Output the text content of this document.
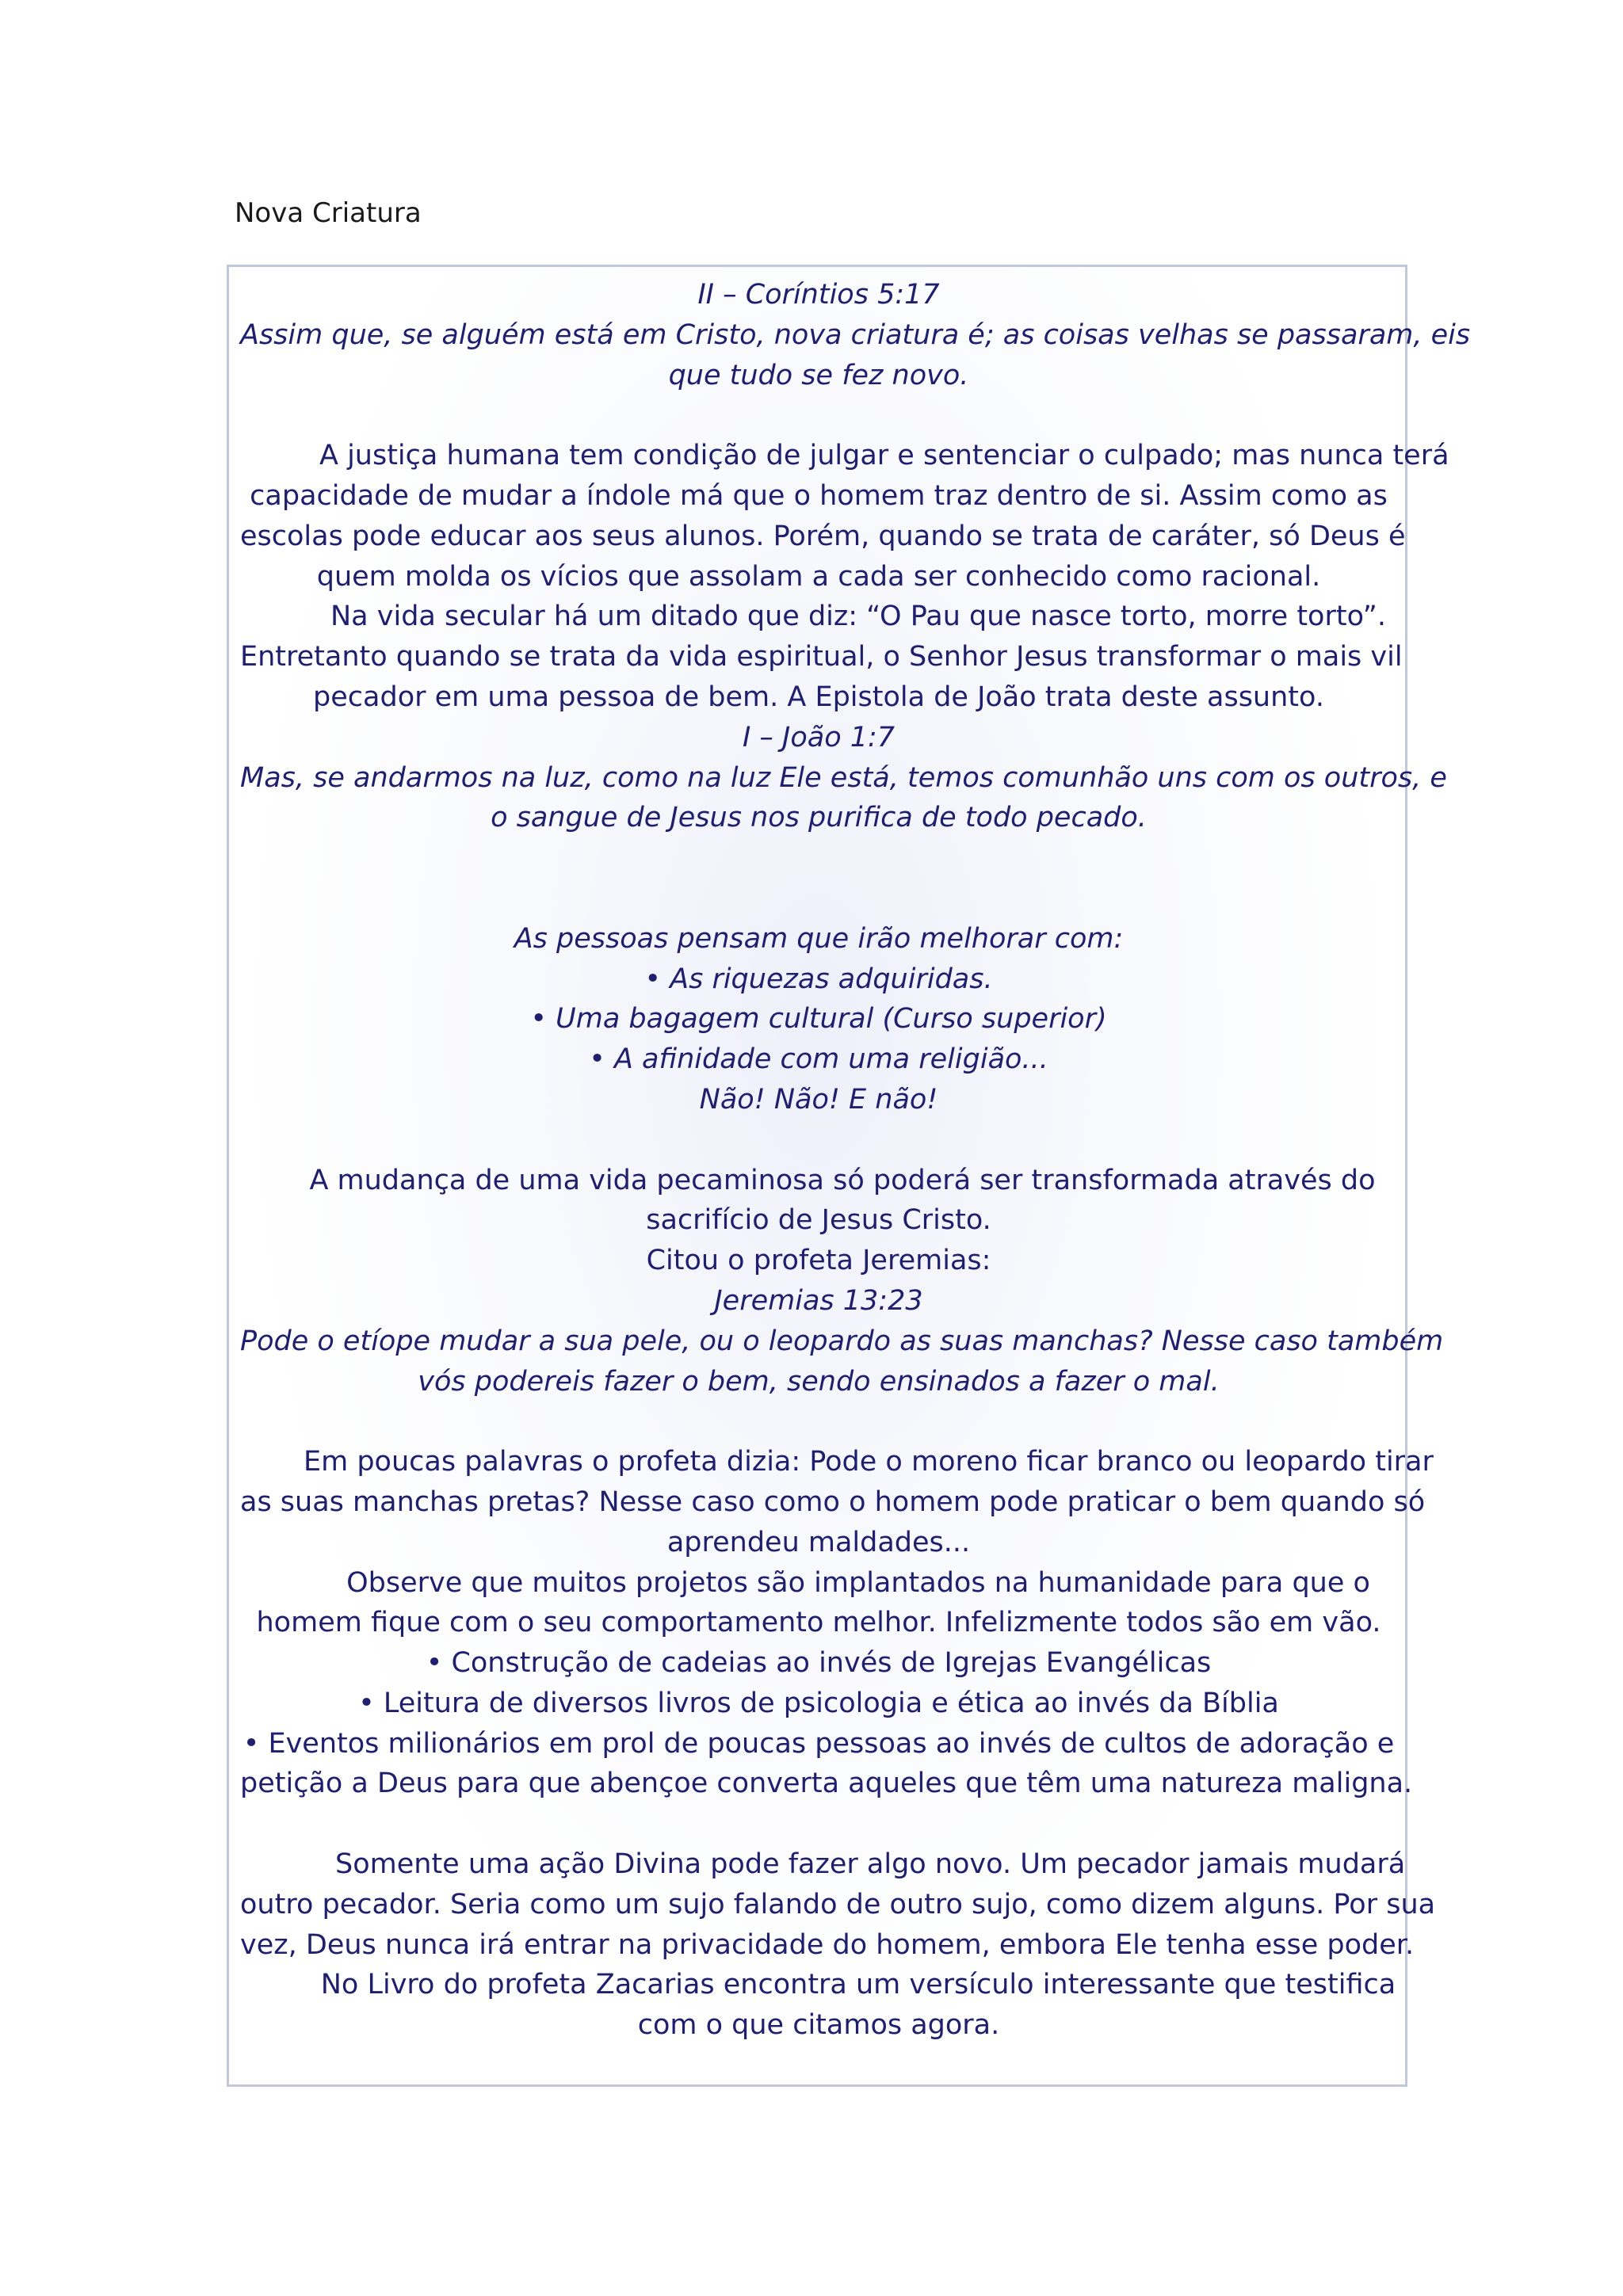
Nova Criatura
II – Coríntios 5:17
Assim que, se alguém está em Cristo, nova criatura é; as coisas velhas se passaram, eis
que tudo se fez novo.
A justiça humana tem condição de julgar e sentenciar o culpado; mas nunca terá
capacidade de mudar a índole má que o homem traz dentro de si. Assim como as
escolas pode educar aos seus alunos. Porém, quando se trata de caráter, só Deus é
quem molda os vícios que assolam a cada ser conhecido como racional.
Na vida secular há um ditado que diz: “O Pau que nasce torto, morre torto”.
Entretanto quando se trata da vida espiritual, o Senhor Jesus transformar o mais vil
pecador em uma pessoa de bem. A Epistola de João trata deste assunto.
I – João 1:7
Mas, se andarmos na luz, como na luz Ele está, temos comunhão uns com os outros, e
o sangue de Jesus nos purifica de todo pecado.
As pessoas pensam que irão melhorar com:
• As riquezas adquiridas.
• Uma bagagem cultural (Curso superior)
• A afinidade com uma religião...
Não! Não! E não!
A mudança de uma vida pecaminosa só poderá ser transformada através do
sacrifício de Jesus Cristo.
Citou o profeta Jeremias:
Jeremias 13:23
Pode o etíope mudar a sua pele, ou o leopardo as suas manchas? Nesse caso também
vós podereis fazer o bem, sendo ensinados a fazer o mal.
Em poucas palavras o profeta dizia: Pode o moreno ficar branco ou leopardo tirar
as suas manchas pretas? Nesse caso como o homem pode praticar o bem quando só
aprendeu maldades...
Observe que muitos projetos são implantados na humanidade para que o
homem fique com o seu comportamento melhor. Infelizmente todos são em vão.
• Construção de cadeias ao invés de Igrejas Evangélicas
• Leitura de diversos livros de psicologia e ética ao invés da Bíblia
• Eventos milionários em prol de poucas pessoas ao invés de cultos de adoração e
petição a Deus para que abençoe converta aqueles que têm uma natureza maligna.
Somente uma ação Divina pode fazer algo novo. Um pecador jamais mudará
outro pecador. Seria como um sujo falando de outro sujo, como dizem alguns. Por sua
vez, Deus nunca irá entrar na privacidade do homem, embora Ele tenha esse poder.
No Livro do profeta Zacarias encontra um versículo interessante que testifica
com o que citamos agora.
